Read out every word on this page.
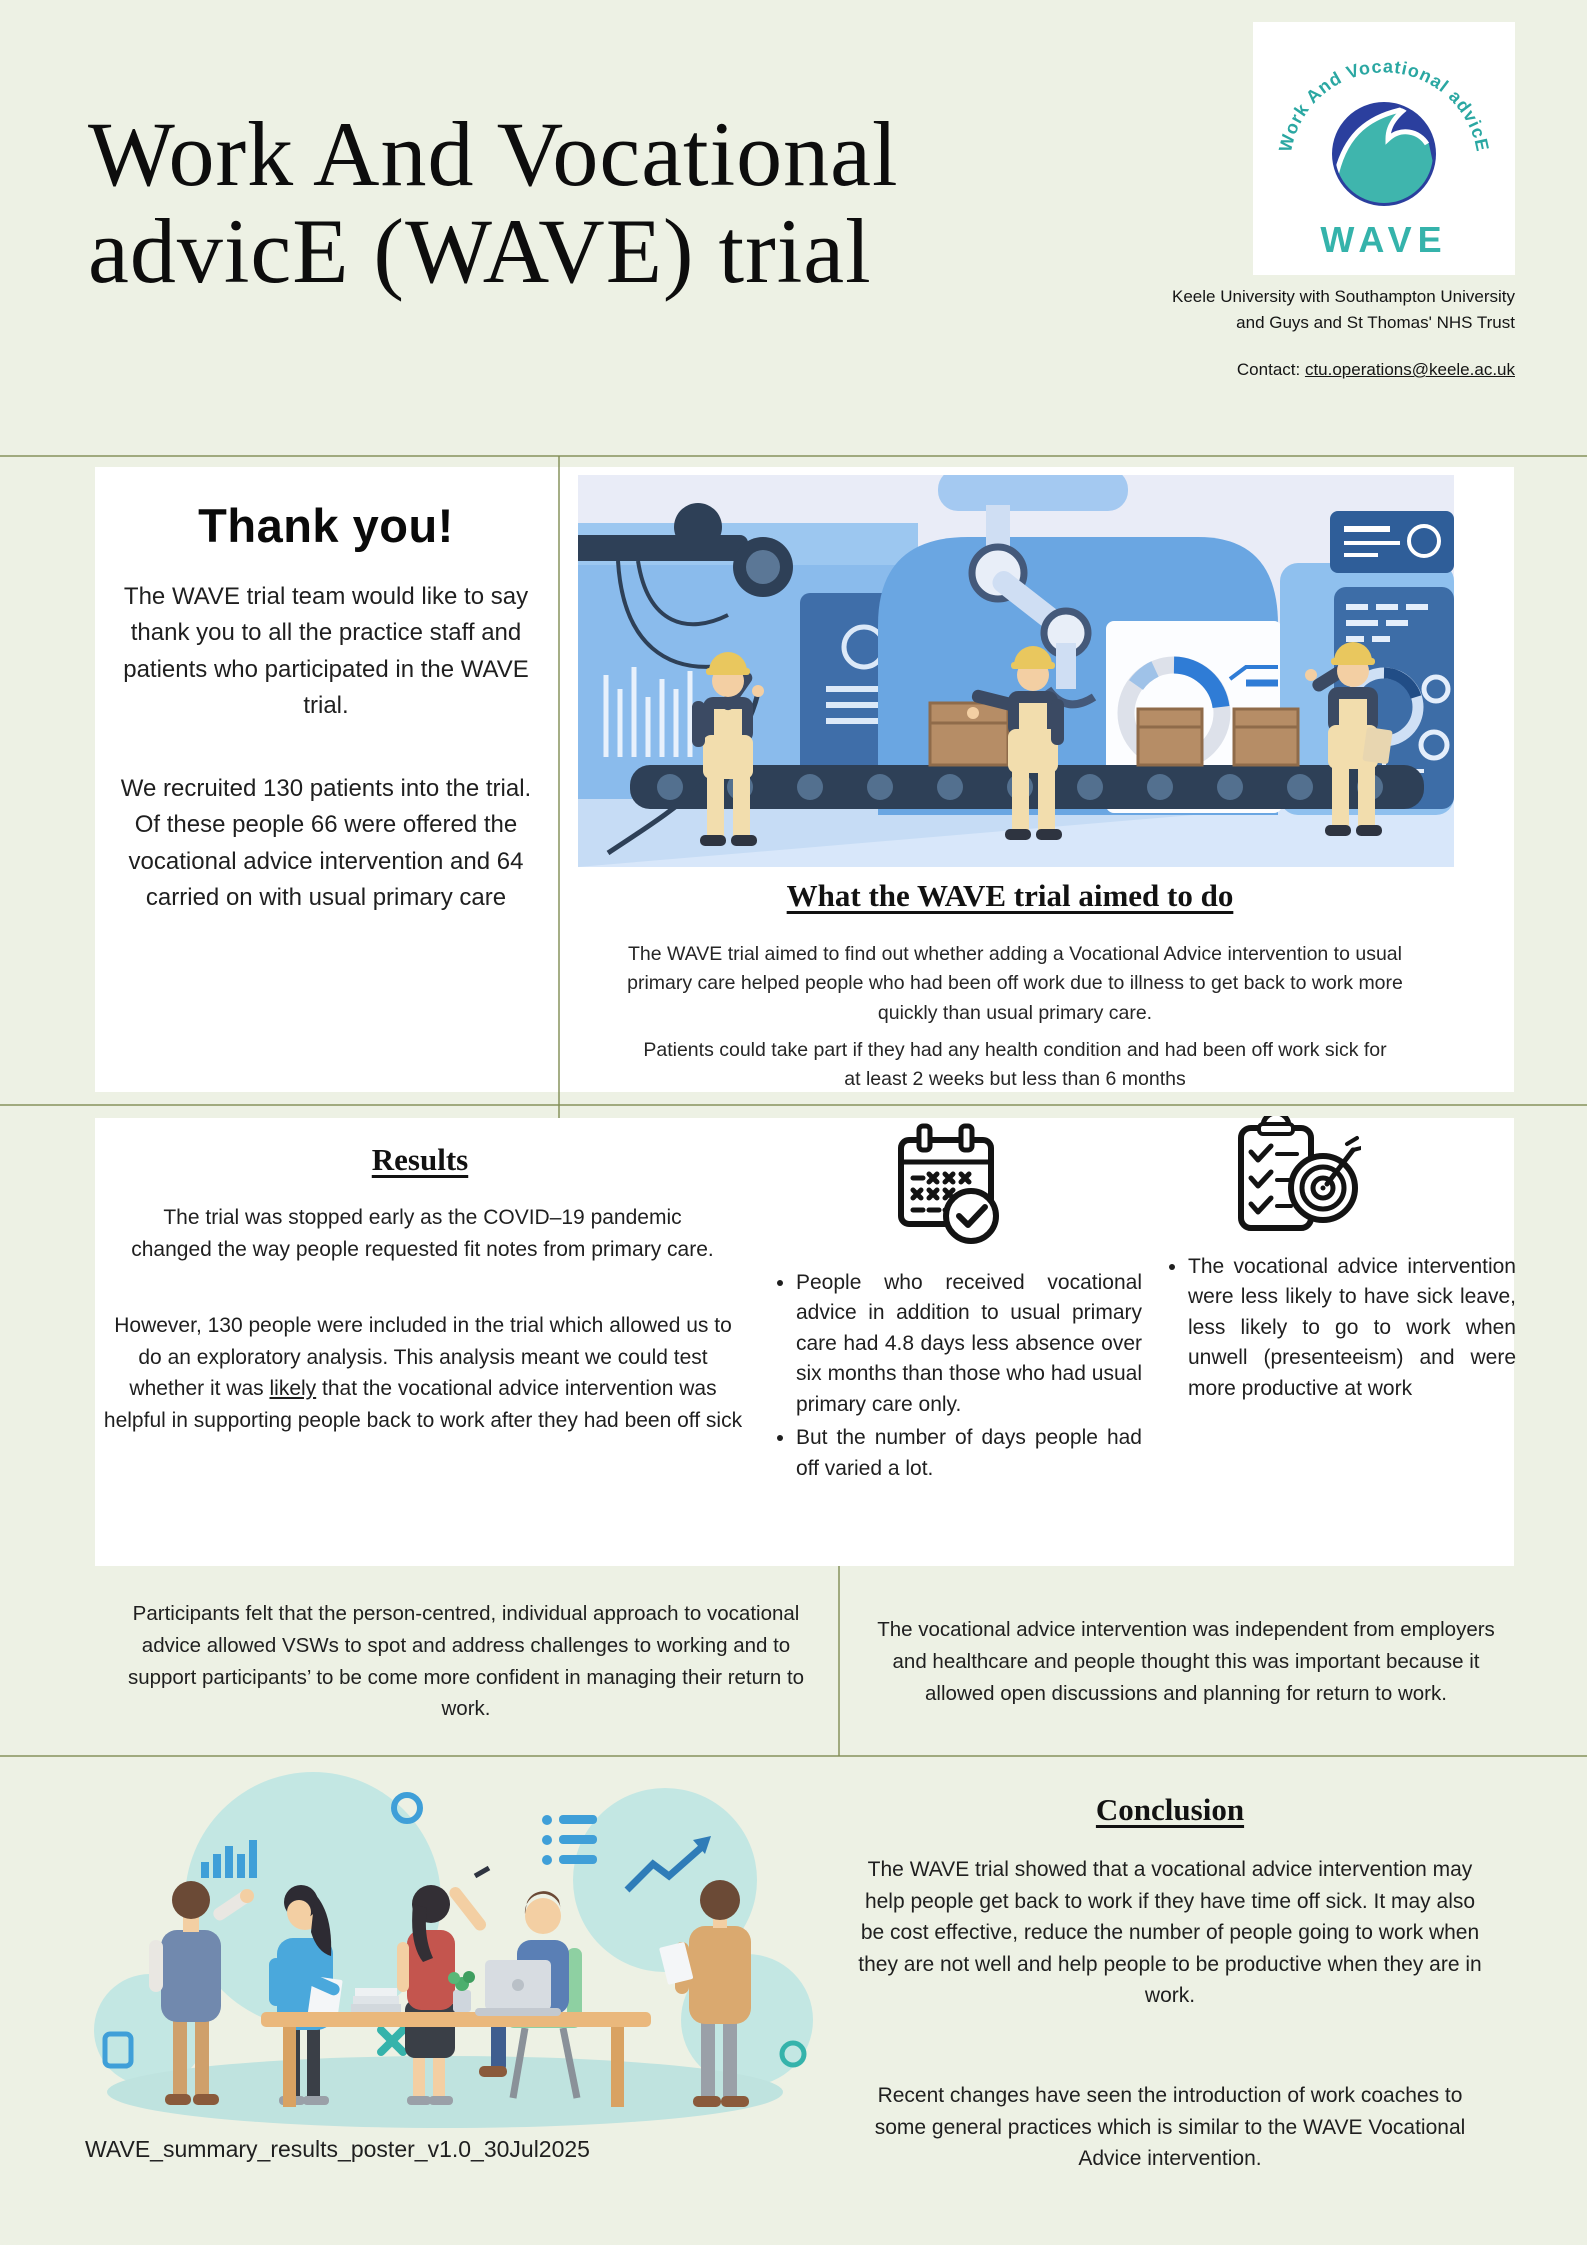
Work And Vocational
advicE (WAVE) trial
Work And Vocational advicE
WAVE
Keele University with Southampton University
and Guys and St Thomas' NHS Trust
Contact: ctu.operations@keele.ac.uk
Thank you!

The WAVE trial team would like to say thank you to all the practice staff and patients who participated in the WAVE trial.

We recruited 130 patients into the trial. Of these people 66 were offered the vocational advice intervention and 64 carried on with usual primary care	What the WAVE trial aimed to do

The WAVE trial aimed to find out whether adding a Vocational Advice intervention to usual primary care helped people who had been off work due to illness to get back to work more quickly than usual primary care.

Patients could take part if they had any health condition and had been off work sick for at least 2 weeks but less than 6 months

Results

The trial was stopped early as the COVID–19 pandemic changed the way people requested fit notes from primary care.

However, 130 people were included in the trial which allowed us to do an exploratory analysis. This analysis meant we could test whether it was likely that the vocational advice intervention was helpful in supporting people back to work after they had been off sick

• People who received vocational advice in addition to usual primary care had 4.8 days less absence over six months than those who had usual primary care only.
• But the number of days people had off varied a lot.
• The vocational advice intervention were less likely to have sick leave, less likely to go to work when unwell (presenteeism) and were more productive at work

Participants felt that the person-centred, individual approach to vocational advice allowed VSWs to spot and address challenges to working and to support participants’ to be come more confident in managing their return to work.

The vocational advice intervention was independent from employers and healthcare and people thought this was important because it allowed open discussions and planning for return to work.

Conclusion

The WAVE trial showed that a vocational advice intervention may help people get back to work if they have time off sick. It may also be cost effective, reduce the number of people going to work when they are not well and help people to be productive when they are in work.

Recent changes have seen the introduction of work coaches to some general practices which is similar to the WAVE Vocational Advice intervention.

WAVE_summary_results_poster_v1.0_30Jul2025
